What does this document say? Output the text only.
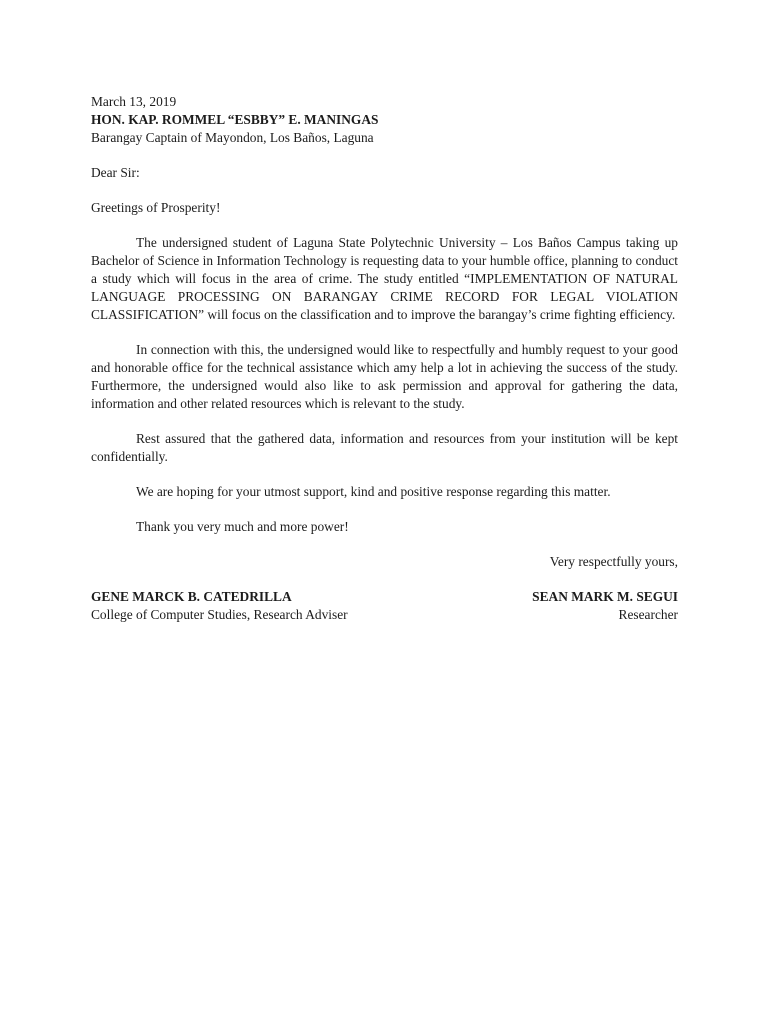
March 13, 2019
HON. KAP. ROMMEL “ESBBY” E. MANINGAS
Barangay Captain of Mayondon, Los Baños, Laguna
Dear Sir:
Greetings of Prosperity!

The undersigned student of Laguna State Polytechnic University – Los Baños Campus taking up Bachelor of Science in Information Technology is requesting data to your humble office, planning to conduct a study which will focus in the area of crime. The study entitled “IMPLEMENTATION OF NATURAL LANGUAGE PROCESSING ON BARANGAY CRIME RECORD FOR LEGAL VIOLATION CLASSIFICATION” will focus on the classification and to improve the barangay’s crime fighting efficiency.

In connection with this, the undersigned would like to respectfully and humbly request to your good and honorable office for the technical assistance which amy help a lot in achieving the success of the study. Furthermore, the undersigned would also like to ask permission and approval for gathering the data, information and other related resources which is relevant to the study.

Rest assured that the gathered data, information and resources from your institution will be kept confidentially.

We are hoping for your utmost support, kind and positive response regarding this matter.

Thank you very much and more power!

Very respectfully yours,
GENE MARCK B. CATEDRILLA
College of Computer Studies, Research Adviser
SEAN MARK M. SEGUI
Researcher
